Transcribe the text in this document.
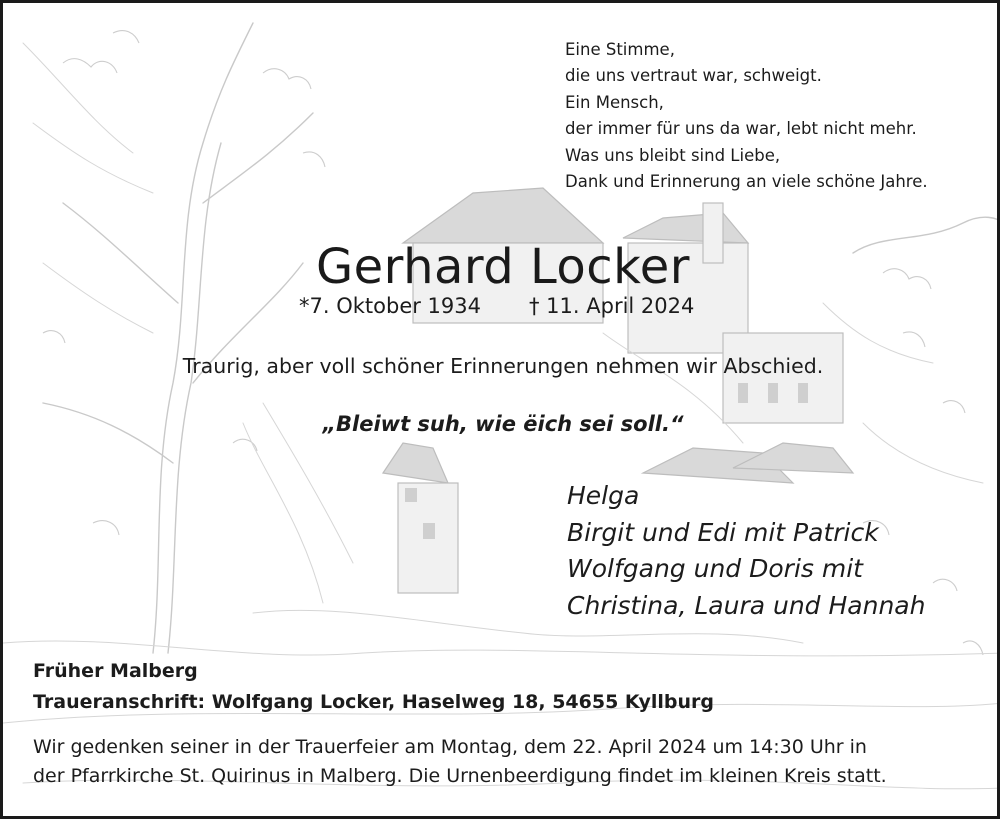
Eine Stimme,
die uns vertraut war, schweigt.
Ein Mensch,
der immer für uns da war, lebt nicht mehr.
Was uns bleibt sind Liebe,
Dank und Erinnerung an viele schöne Jahre.
Gerhard Locker
*7. Oktober 1934 † 11. April 2024
Traurig, aber voll schöner Erinnerungen nehmen wir Abschied.
„Bleiwt suh, wie ëich sei soll.“
Helga
Birgit und Edi mit Patrick
Wolfgang und Doris mit
Christina, Laura und Hannah
Früher Malberg
Traueranschrift: Wolfgang Locker, Haselweg 18, 54655 Kyllburg
Wir gedenken seiner in der Trauerfeier am Montag, dem 22. April 2024 um 14:30 Uhr in
der Pfarrkirche St. Quirinus in Malberg. Die Urnenbeerdigung findet im kleinen Kreis statt.
